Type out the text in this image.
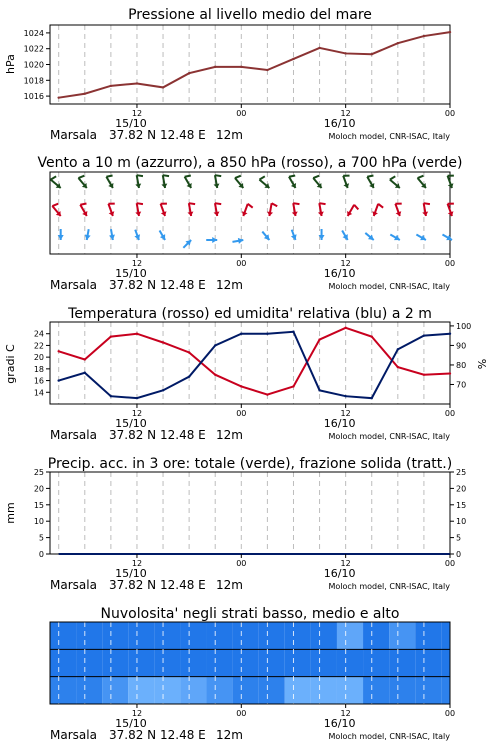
Pressione al livello medio del mare
1016
1018
1020
1022
1024
hPa
12	00	12	00
15/10	16/10
Marsala 37.82 N 12.48 E 12m	Moloch model, CNR-ISAC, Italy
Vento a 10 m (azzurro), a 850 hPa (rosso), a 700 hPa (verde)
12	00	12	00
15/10	16/10
Marsala 37.82 N 12.48 E 12m	Moloch model, CNR-ISAC, Italy
Temperatura (rosso) ed umidita' relativa (blu) a 2 m
14
16
18
20
22
24
70
80
90
100
gradi C	%
12	00	12	00
15/10	16/10
Marsala 37.82 N 12.48 E 12m	Moloch model, CNR-ISAC, Italy
Precip. acc. in 3 ore: totale (verde), frazione solida (tratt.)
0
5
10
15
20
25
0
5
10
15
20
25
mm
12	00	12	00
15/10	16/10
Marsala 37.82 N 12.48 E 12m	Moloch model, CNR-ISAC, Italy
Nuvolosita' negli strati basso, medio e alto
12	00	12	00
15/10	16/10
Marsala 37.82 N 12.48 E 12m	Moloch model, CNR-ISAC, Italy
